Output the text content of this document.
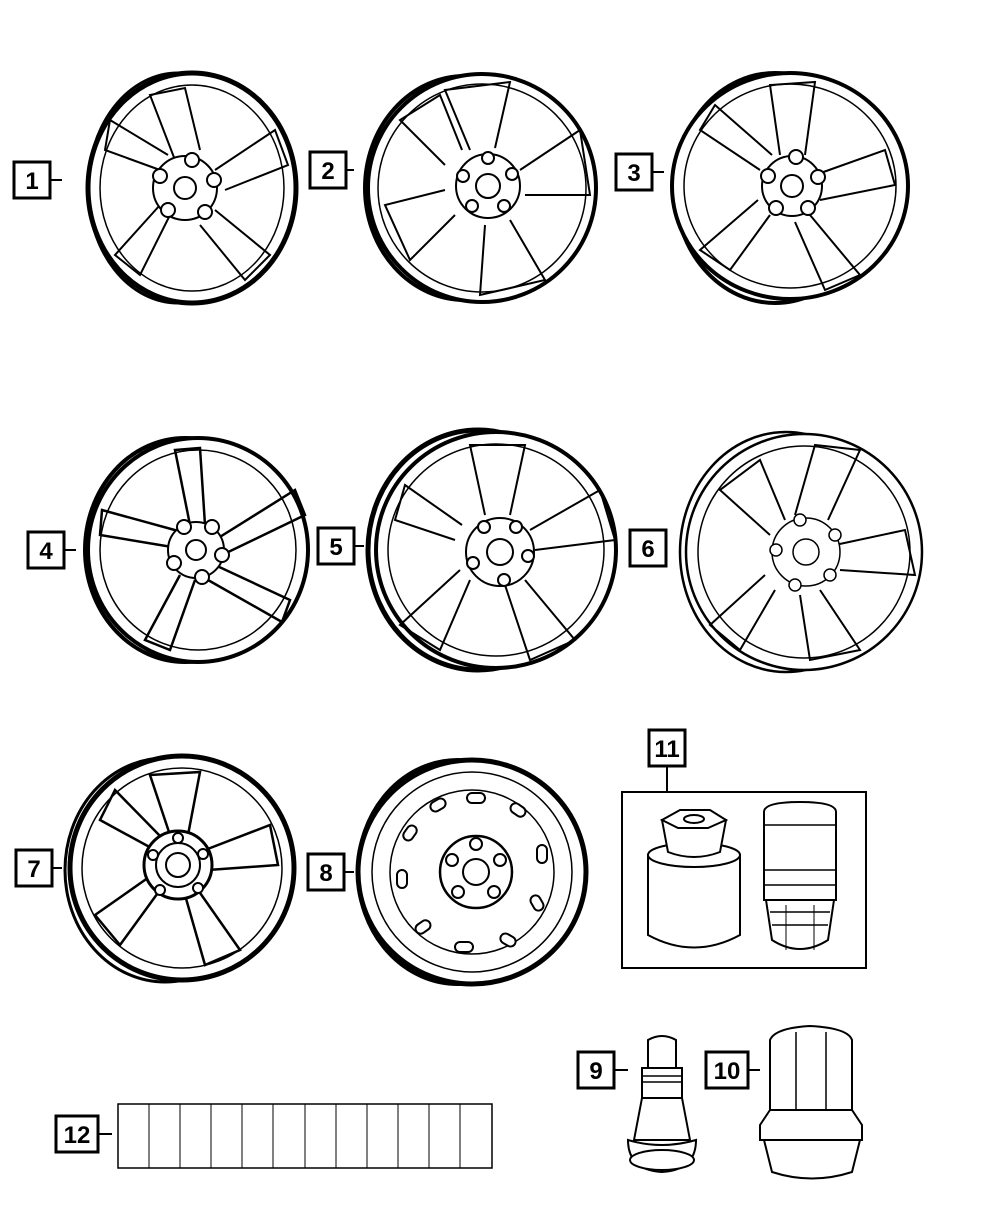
1	2	3
4	5	6
7	8
11
9	10
12
